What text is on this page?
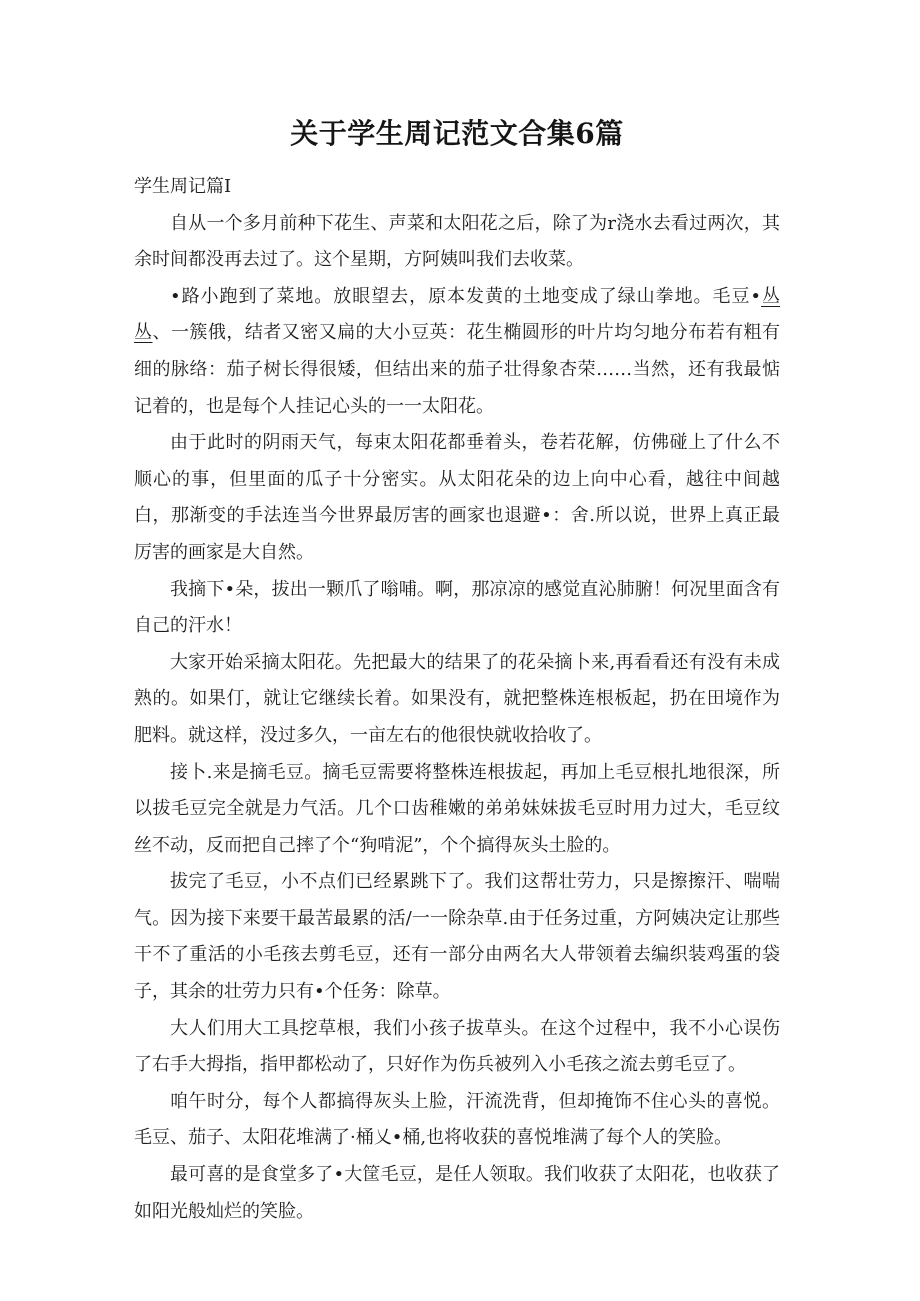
关于学生周记范文合集6篇

学生周记篇Ⅰ

自从一个多月前种下花生、声菜和太阳花之后，除了为r浇水去看过两次，其余时间都没再去过了。这个星期，方阿姨叫我们去收菜。

•路小跑到了菜地。放眼望去，原本发黄的土地变成了绿山拳地。毛豆•丛丛、一簇俄，结者又密又扁的大小豆英：花生椭圆形的叶片均匀地分布若有粗有细的脉络：茄子树长得很矮，但结出来的茄子壮得象杏荣……当然，还有我最惦记着的，也是每个人挂记心头的一一太阳花。

由于此时的阴雨天气，每束太阳花都垂着头，卷若花解，仿佛碰上了什么不顺心的事，但里面的瓜子十分密实。从太阳花朵的边上向中心看，越往中间越白，那渐变的手法连当今世界最厉害的画家也退避•：舍.所以说，世界上真正最厉害的画家是大自然。

我摘下•朵，拔出一颗爪了嗡哺。啊，那凉凉的感觉直沁肺腑！何况里面含有自己的汗水！

大家开始采摘太阳花。先把最大的结果了的花朵摘卜来,再看看还有没有未成熟的。如果仃，就让它继续长着。如果没有，就把整株连根板起，扔在田境作为肥料。就这样，没过多久，一亩左右的他很快就收拾收了。

接卜.来是摘毛豆。摘毛豆需要将整株连根拔起，再加上毛豆根扎地很深，所以拔毛豆完全就是力气活。几个口齿稚嫩的弟弟妹妹拔毛豆时用力过大，毛豆纹丝不动，反而把自己摔了个“狗啃泥”，个个搞得灰头土脸的。

拔完了毛豆，小不点们已经累跳下了。我们这帮壮劳力，只是擦擦汗、喘喘气。因为接下来要干最苦最累的活/一一除杂草.由于任务过重，方阿姨决定让那些干不了重活的小毛孩去剪毛豆，还有一部分由两名大人带领着去编织装鸡蛋的袋子，其余的壮劳力只有•个任务：除草。

大人们用大工具挖草根，我们小孩子拔草头。在这个过程中，我不小心误伤了右手大拇指，指甲都松动了，只好作为伤兵被列入小毛孩之流去剪毛豆了。

咱午时分，每个人都搞得灰头上脸，汗流洗背，但却掩饰不住心头的喜悦。毛豆、茄子、太阳花堆满了·桶乂•桶,也将收获的喜悦堆满了每个人的笑脸。

最可喜的是食堂多了•大筐毛豆，是任人领取。我们收获了太阳花，也收获了如阳光般灿烂的笑脸。
